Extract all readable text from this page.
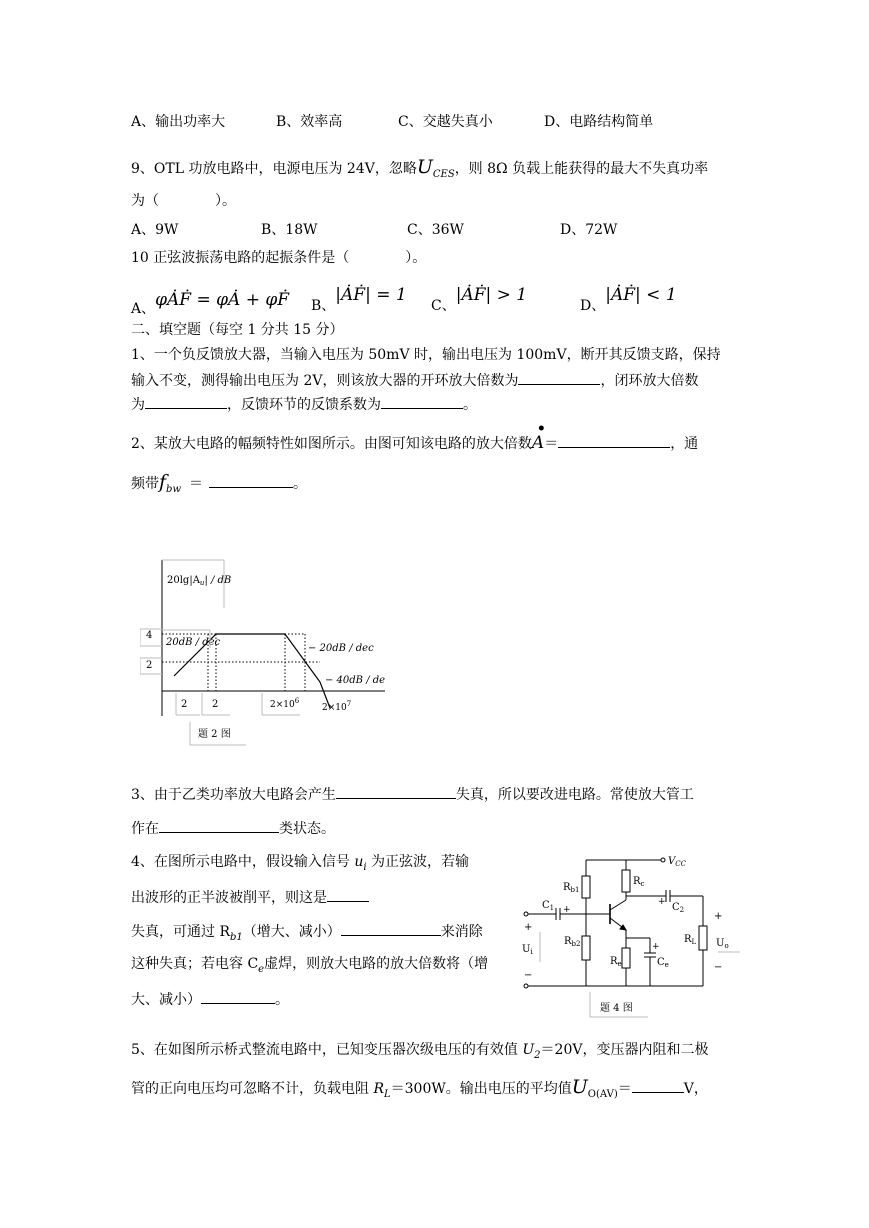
A、输出功率大	B、效率高	C、交越失真小	D、电路结构简单
9、OTL 功放电路中，电源电压为 24V，忽略$U_{CES}$，则 8Ω 负载上能获得的最大不失真功率
为（　　　　）。
A、9W	B、18W	C、36W	D、72W
10 正弦波振荡电路的起振条件是（　　　　）。
A、φȦḞ = φȦ + φḞ B、|ȦḞ| = 1
C、|ȦḞ| > 1
D、|ȦḞ| < 1
二、填空题（每空 1 分共 15 分）
1、一个负反馈放大器，当输入电压为 50mV 时，输出电压为 100mV，断开其反馈支路，保持
输入不变，测得输出电压为 2V，则该放大器的开环放大倍数为	，闭环放大倍数
为	，反馈环节的反馈系数为	。
2、某放大电路的幅频特性如图所示。由图可知该电路的放大倍数
•
A＝	，通
频带$f_{bw}$ ＝	。
$20\lg|A_u|$ / dB
4
2
20dB / dec
− 20dB / dec
− 40dB / de
2 2	$2\times 10^6$
$2\times 10^7$
题 2 图
3、由于乙类功率放大电路会产生	失真，所以要改进电路。常使放大管工
作在	类状态。
4、在图所示电路中，假设输入信号 $u_i$ 为正弦波，若输
出波形的正半波被削平，则这是
失真，可通过 $R_{b1}$（增大、减小）	来消除
这种失真；若电容 $C_e$虚焊，则放大电路的放大倍数将（增
大、减小）	。
$V_{CC}$
$R_{b1}$
$R_c$
$C_1$ +
+ $C_2$
$R_{b2}$
$R_e$
+
$C_e$
$R_L$
+
$U_o$
−
+
$U_i$
−
题 4 图
5、在如图所示桥式整流电路中，已知变压器次级电压的有效值 $U_2=20V$，变压器内阻和二极
管的正向电压均可忽略不计，负载电阻 $R_L=300W$。输出电压的平均值$U_{O(AV)}=$	V，
